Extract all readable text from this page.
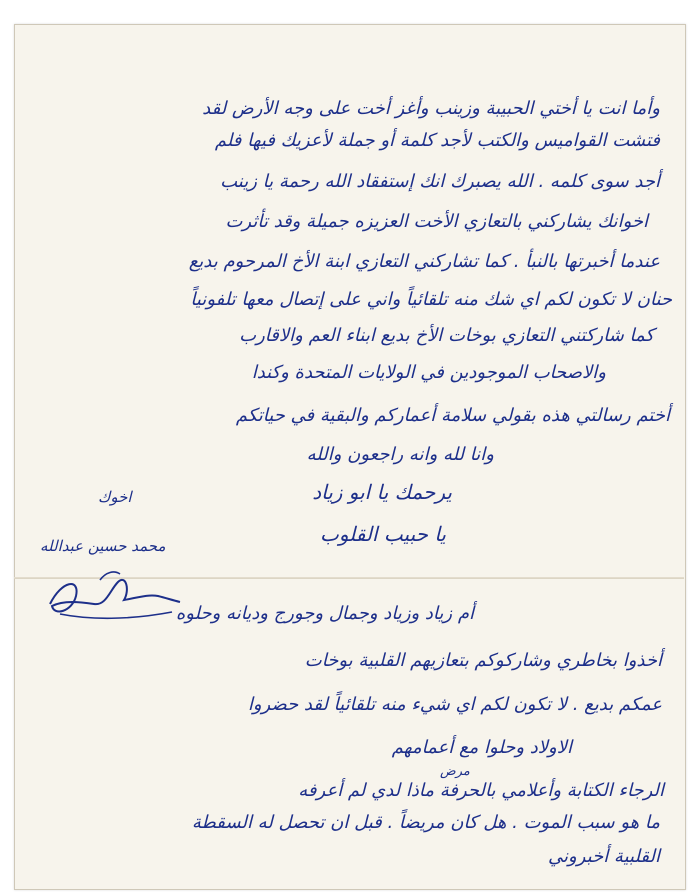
وأما انت يا أختي الحبيبة وزينب وأغز أخت على وجه الأرض لقد
فتشت القواميس والكتب لأجد كلمة أو جملة لأعزيك فيها فلم
أجد سوى كلمه . الله يصبرك انك إستفقاد الله رحمة يا زينب
اخوانك يشاركني بالتعازي الأخت العزيزه جميلة وقد تأثرت
عندما أخبرتها بالنبأ . كما تشاركني التعازي ابنة الأخ المرحوم بديع
حنان لا تكون لكم اي شك منه تلقائياً واني على إتصال معها تلفونياً
كما شاركتني التعازي بوخات الأخ بديع ابناء العم والاقارب
والاصحاب الموجودين في الولايات المتحدة وكندا
أختم رسالتي هذه بقولي سلامة أعماركم والبقية في حياتكم
وانا لله وانه راجعون والله
يرحمك يا ابو زياد
يا حبيب القلوب
اخوك
محمد حسين عبدالله
أم زياد وزياد وجمال وجورج وديانه وحلوه
أخذوا بخاطري وشاركوكم بتعازيهم القلبية بوخات
عمكم بديع . لا تكون لكم اي شيء منه تلقائياً لقد حضروا
الاولاد وحلوا مع أعمامهم
مرض
الرجاء الكتابة وأعلامي بالحرفة ماذا لدي لم أعرفه
ما هو سبب الموت . هل كان مريضاً . قبل ان تحصل له السقطة
القلبية أخبروني
